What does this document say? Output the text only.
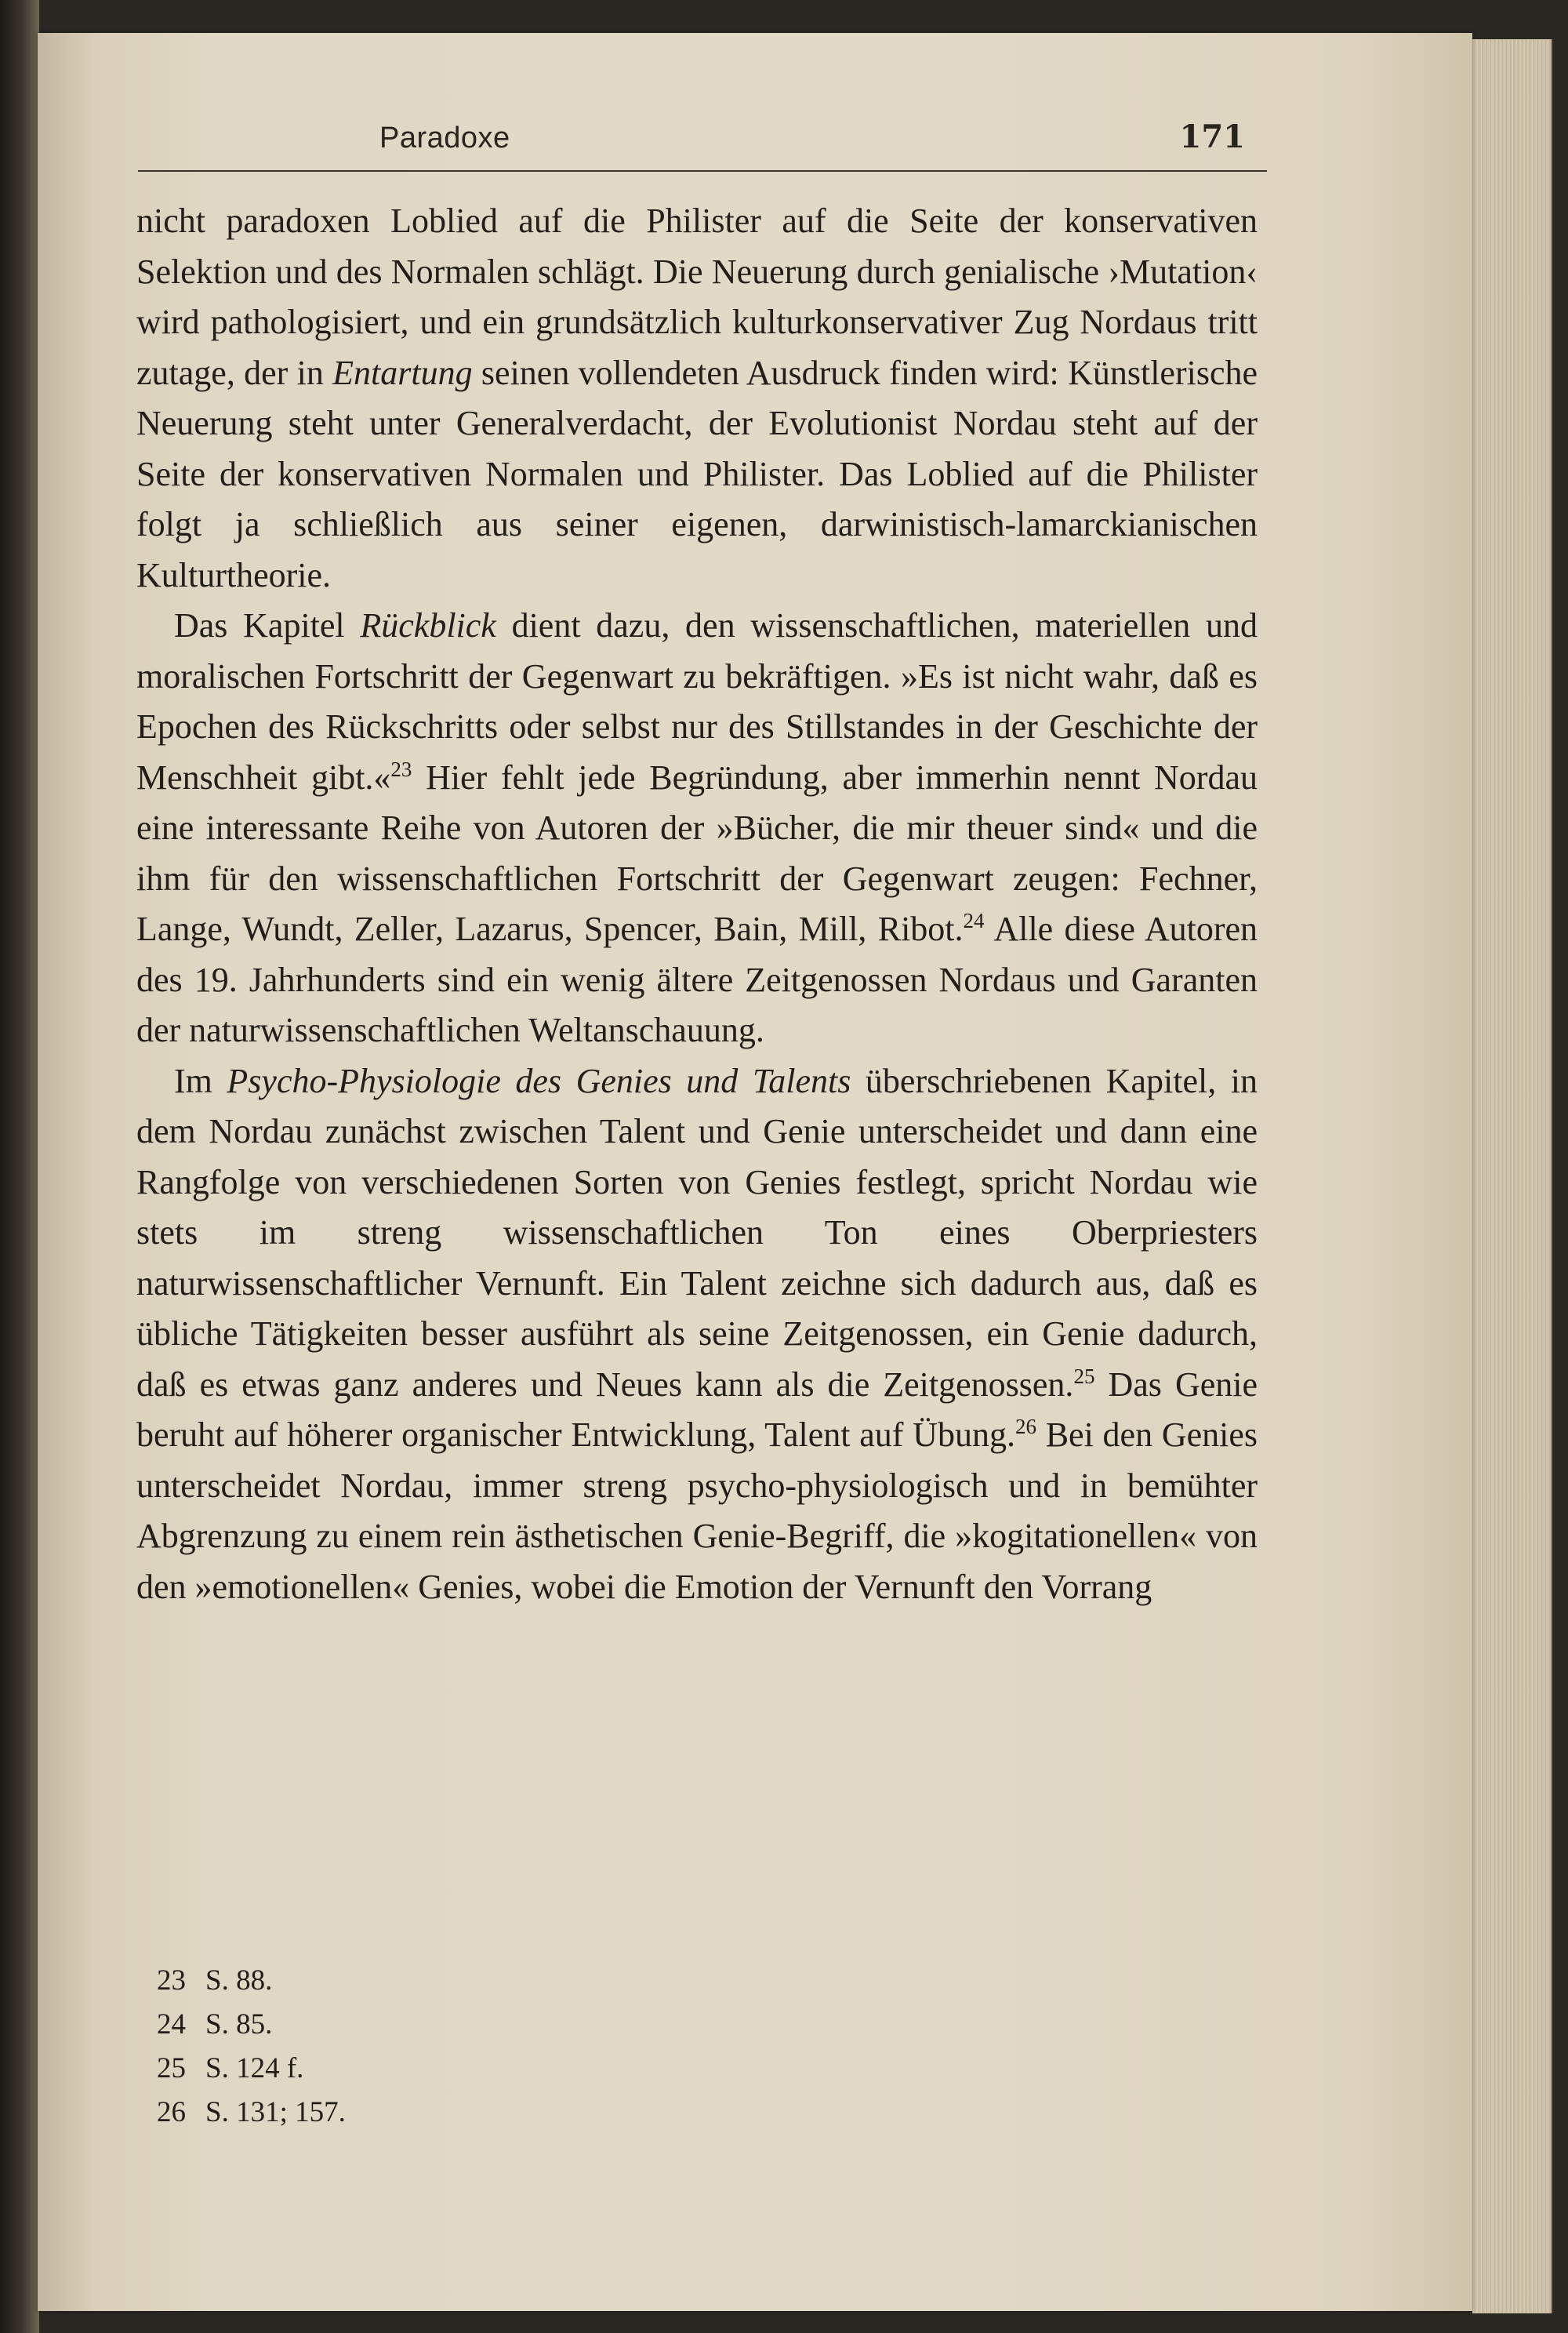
Paradoxe	171

nicht paradoxen Loblied auf die Philister auf die Seite der konservativen Selektion und des Normalen schlägt. Die Neuerung durch genialische ›Mutation‹ wird pathologisiert, und ein grundsätzlich kulturkonservativer Zug Nordaus tritt zutage, der in Entartung seinen vollendeten Ausdruck finden wird: Künstlerische Neuerung steht unter Generalverdacht, der Evolutionist Nordau steht auf der Seite der konservativen Normalen und Philister. Das Loblied auf die Philister folgt ja schließlich aus seiner eigenen, darwinistisch-lamarckianischen Kulturtheorie.

Das Kapitel Rückblick dient dazu, den wissenschaftlichen, materiellen und moralischen Fortschritt der Gegenwart zu bekräftigen. »Es ist nicht wahr, daß es Epochen des Rückschritts oder selbst nur des Stillstandes in der Geschichte der Menschheit gibt.«$^{23}$ Hier fehlt jede Begründung, aber immerhin nennt Nordau eine interessante Reihe von Autoren der »Bücher, die mir theuer sind« und die ihm für den wissenschaftlichen Fortschritt der Gegenwart zeugen: Fechner, Lange, Wundt, Zeller, Lazarus, Spencer, Bain, Mill, Ribot.$^{24}$ Alle diese Autoren des 19. Jahrhunderts sind ein wenig ältere Zeitgenossen Nordaus und Garanten der naturwissenschaftlichen Weltanschauung.

Im Psycho-Physiologie des Genies und Talents überschriebenen Kapitel, in dem Nordau zunächst zwischen Talent und Genie unterscheidet und dann eine Rangfolge von verschiedenen Sorten von Genies festlegt, spricht Nordau wie stets im streng wissenschaftlichen Ton eines Oberpriesters naturwissenschaftlicher Vernunft. Ein Talent zeichne sich dadurch aus, daß es übliche Tätigkeiten besser ausführt als seine Zeitgenossen, ein Genie dadurch, daß es etwas ganz anderes und Neues kann als die Zeitgenossen.$^{25}$ Das Genie beruht auf höherer organischer Entwicklung, Talent auf Übung.$^{26}$ Bei den Genies unterscheidet Nordau, immer streng psycho-physiologisch und in bemühter Abgrenzung zu einem rein ästhetischen Genie-Begriff, die »kogitationellen« von den »emotionellen« Genies, wobei die Emotion der Vernunft den Vorrang

23 S. 88.
24 S. 85.
25 S. 124 f.
26 S. 131; 157.
